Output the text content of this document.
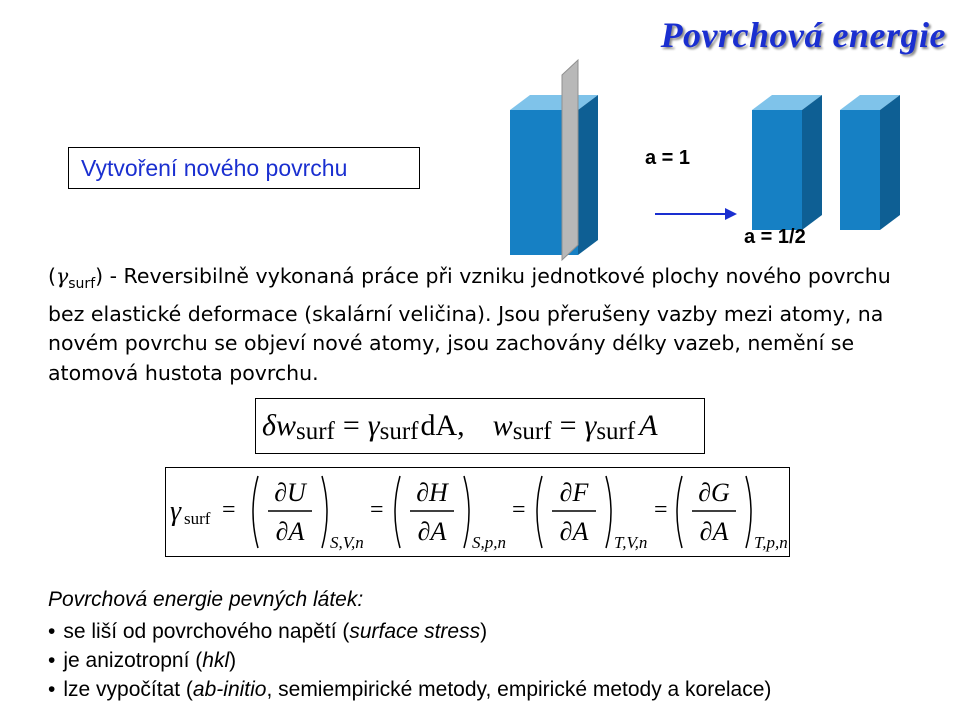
Povrchová energie
Vytvoření nového povrchu	a = 1
a = 1/2
$(\gamma_{surf})$ - Reversibilně vykonaná práce při vzniku jednotkové plochy nového povrchu bez elastické deformace (skalární veličina). Jsou přerušeny vazby mezi atomy, na novém povrchu se objeví nové atomy, jsou zachovány délky vazeb, nemění se atomová hustota povrchu.
δw surf = γ surf dA, w surf = γ surf A
γ surf =
∂U
∂A S,V,n
=
∂H
∂A S,p,n
=
∂F
∂A T,V,n
=
∂G
∂A T,p,n
Povrchová energie pevných látek:
• se liší od povrchového napětí (surface stress)
• je anizotropní (hkl)
• lze vypočítat (ab-initio, semiempirické metody, empirické metody a korelace)
